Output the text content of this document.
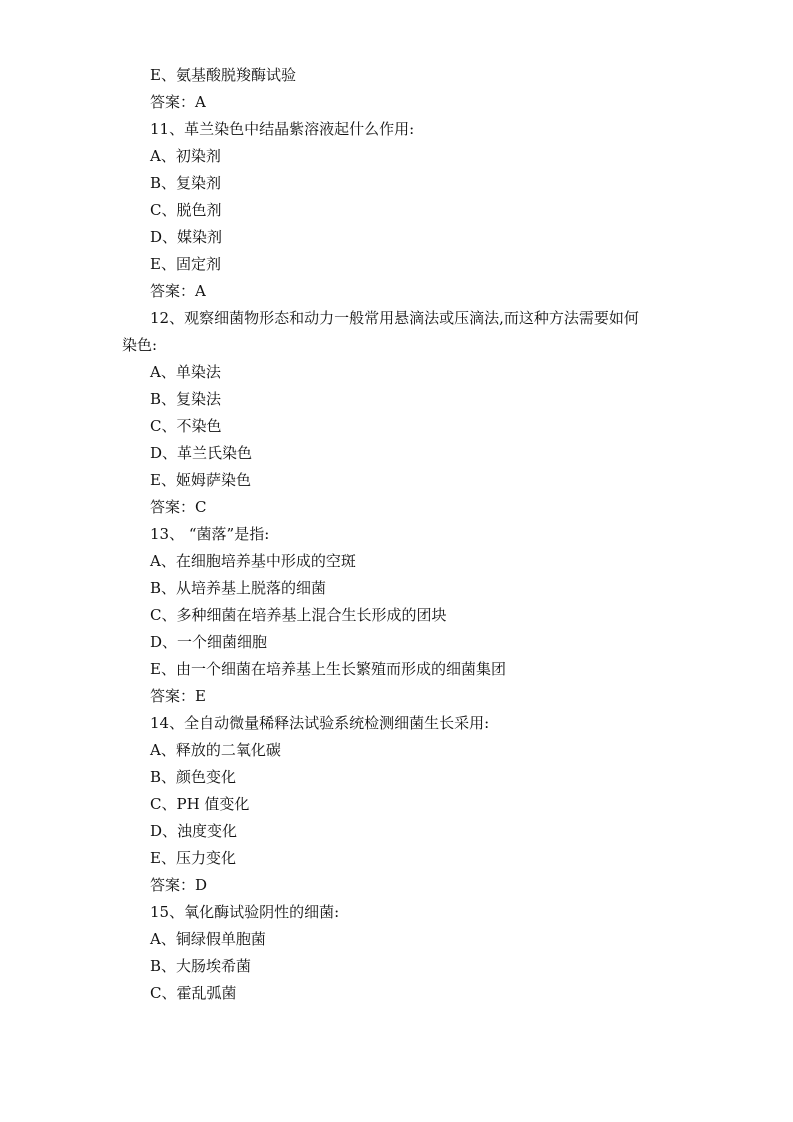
E、氨基酸脱羧酶试验

答案：A

11、革兰染色中结晶紫溶液起什么作用:

A、初染剂

B、复染剂

C、脱色剂

D、媒染剂

E、固定剂

答案：A

12、观察细菌物形态和动力一般常用悬滴法或压滴法,而这种方法需要如何

染色:

A、单染法

B、复染法

C、不染色

D、革兰氏染色

E、姬姆萨染色

答案：C

13、 “菌落”是指:

A、在细胞培养基中形成的空斑

B、从培养基上脱落的细菌

C、多种细菌在培养基上混合生长形成的团块

D、一个细菌细胞

E、由一个细菌在培养基上生长繁殖而形成的细菌集团

答案：E

14、全自动微量稀释法试验系统检测细菌生长采用:

A、释放的二氧化碳

B、颜色变化

C、PH 值变化

D、浊度变化

E、压力变化

答案：D

15、氧化酶试验阴性的细菌:

A、铜绿假单胞菌

B、大肠埃希菌

C、霍乱弧菌
